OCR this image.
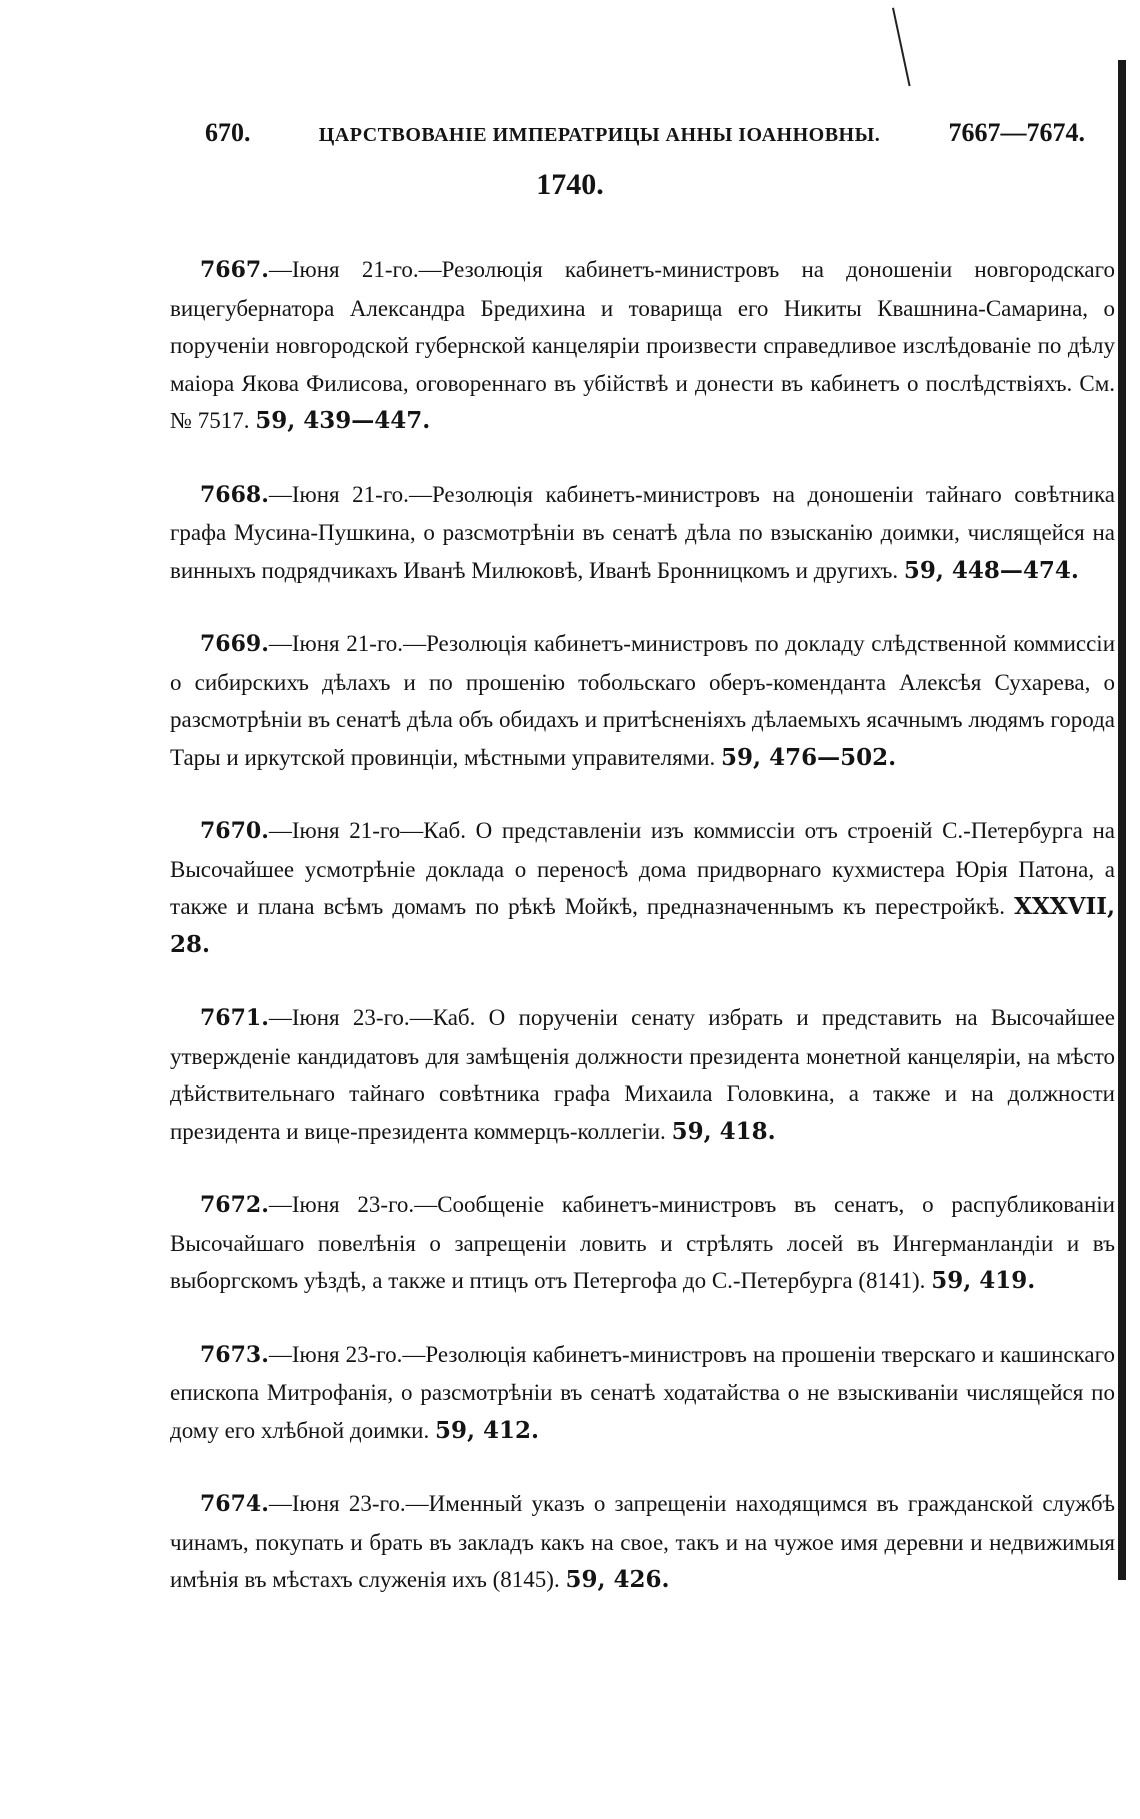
670.	ЦАРСТВОВАНІЕ ИМПЕРАТРИЦЫ АННЫ ІОАННОВНЫ.	7667—7674.
1740.

7667.—Іюня 21-го.—Резолюція кабинетъ-министровъ на доношеніи новгородскаго вицегубернатора Александра Бредихина и товарища его Никиты Квашнина-Самарина, о порученіи новгородской губернской канцеляріи произвести справедливое изслѣдованіе по дѣлу маіора Якова Филисова, оговореннаго въ убійствѣ и донести въ кабинетъ о послѣдствіяхъ. См. № 7517. 59, 439—447.

7668.—Іюня 21-го.—Резолюція кабинетъ-министровъ на доношеніи тайнаго совѣтника графа Мусина-Пушкина, о разсмотрѣніи въ сенатѣ дѣла по взысканію доимки, числящейся на винныхъ подрядчикахъ Иванѣ Милюковѣ, Иванѣ Бронницкомъ и другихъ. 59, 448—474.

7669.—Іюня 21-го.—Резолюція кабинетъ-министровъ по докладу слѣдственной коммиссіи о сибирскихъ дѣлахъ и по прошенію тобольскаго оберъ-коменданта Алексѣя Сухарева, о разсмотрѣніи въ сенатѣ дѣла объ обидахъ и притѣсненіяхъ дѣлаемыхъ ясачнымъ людямъ города Тары и иркутской провинціи, мѣстными управителями. 59, 476—502.

7670.—Іюня 21-го—Каб. О представленіи изъ коммиссіи отъ строеній С.-Петербурга на Высочайшее усмотрѣніе доклада о переносѣ дома придворнаго кухмистера Юрія Патона, а также и плана всѣмъ домамъ по рѣкѣ Мойкѣ, предназначеннымъ къ перестройкѣ. XXXVII, 28.

7671.—Іюня 23-го.—Каб. О порученіи сенату избрать и представить на Высочайшее утвержденіе кандидатовъ для замѣщенія должности президента монетной канцеляріи, на мѣсто дѣйствительнаго тайнаго совѣтника графа Михаила Головкина, а также и на должности президента и вице-президента коммерцъ-коллегіи. 59, 418.

7672.—Іюня 23-го.—Сообщеніе кабинетъ-министровъ въ сенатъ, о распубликованіи Высочайшаго повелѣнія о запрещеніи ловить и стрѣлять лосей въ Ингерманландіи и въ выборгскомъ уѣздѣ, а также и птицъ отъ Петергофа до С.-Петербурга (8141). 59, 419.

7673.—Іюня 23-го.—Резолюція кабинетъ-министровъ на прошеніи тверскаго и кашинскаго епископа Митрофанія, о разсмотрѣніи въ сенатѣ ходатайства о не взыскиваніи числящейся по дому его хлѣбной доимки. 59, 412.

7674.—Іюня 23-го.—Именный указъ о запрещеніи находящимся въ гражданской службѣ чинамъ, покупать и брать въ закладъ какъ на свое, такъ и на чужое имя деревни и недвижимыя имѣнія въ мѣстахъ служенія ихъ (8145). 59, 426.
